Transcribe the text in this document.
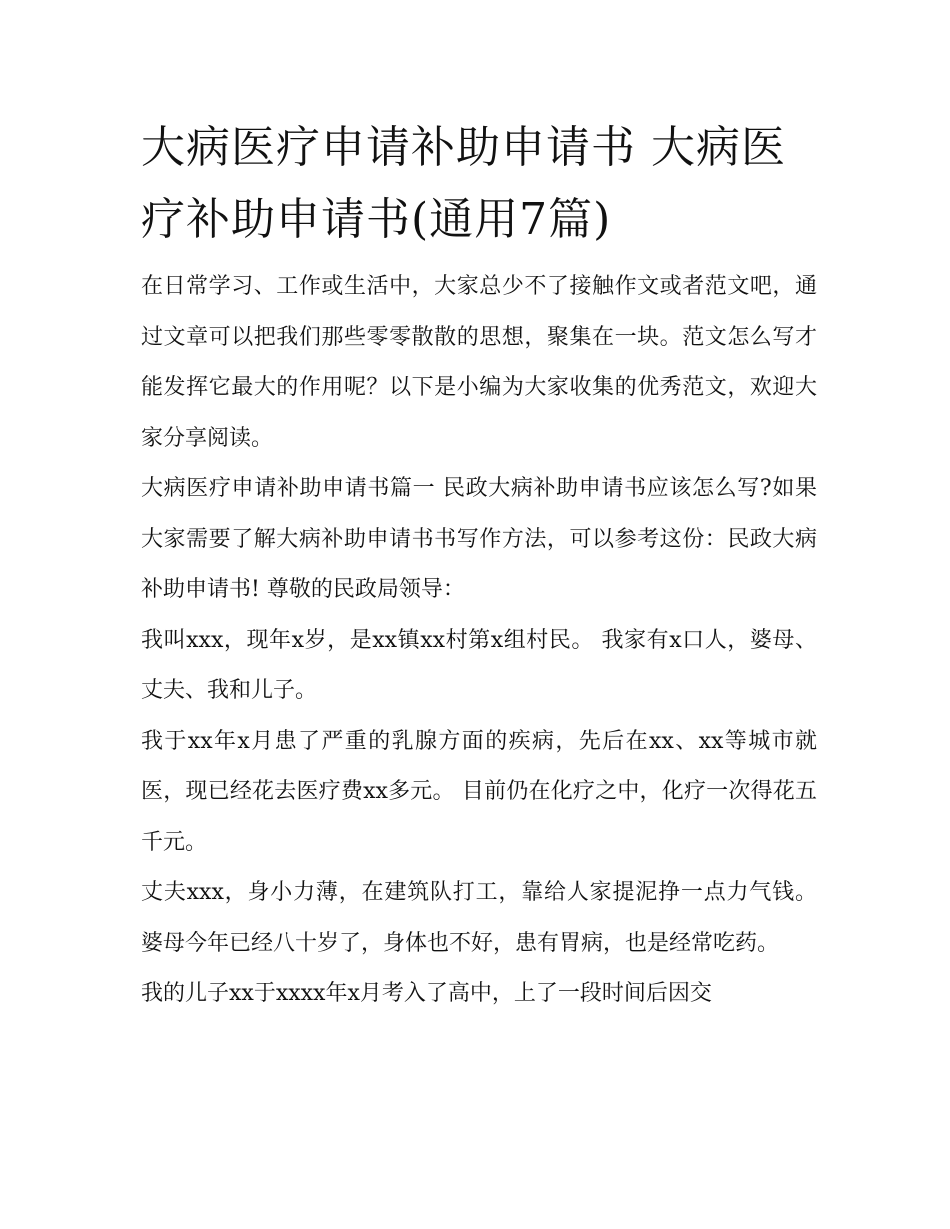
大病医疗申请补助申请书 大病医疗补助申请书(通用7篇)

在日常学习、工作或生活中，大家总少不了接触作文或者范文吧，通过文章可以把我们那些零零散散的思想，聚集在一块。范文怎么写才能发挥它最大的作用呢？以下是小编为大家收集的优秀范文，欢迎大家分享阅读。

大病医疗申请补助申请书篇一 民政大病补助申请书应该怎么写?如果大家需要了解大病补助申请书书写作方法，可以参考这份：民政大病补助申请书! 尊敬的民政局领导：

我叫xxx，现年x岁，是xx镇xx村第x组村民。 我家有x口人，婆母、丈夫、我和儿子。

我于xx年x月患了严重的乳腺方面的疾病，先后在xx、xx等城市就医，现已经花去医疗费xx多元。 目前仍在化疗之中，化疗一次得花五千元。

丈夫xxx，身小力薄，在建筑队打工，靠给人家提泥挣一点力气钱。 婆母今年已经八十岁了，身体也不好，患有胃病，也是经常吃药。

我的儿子xx于xxxx年x月考入了高中，上了一段时间后因交
